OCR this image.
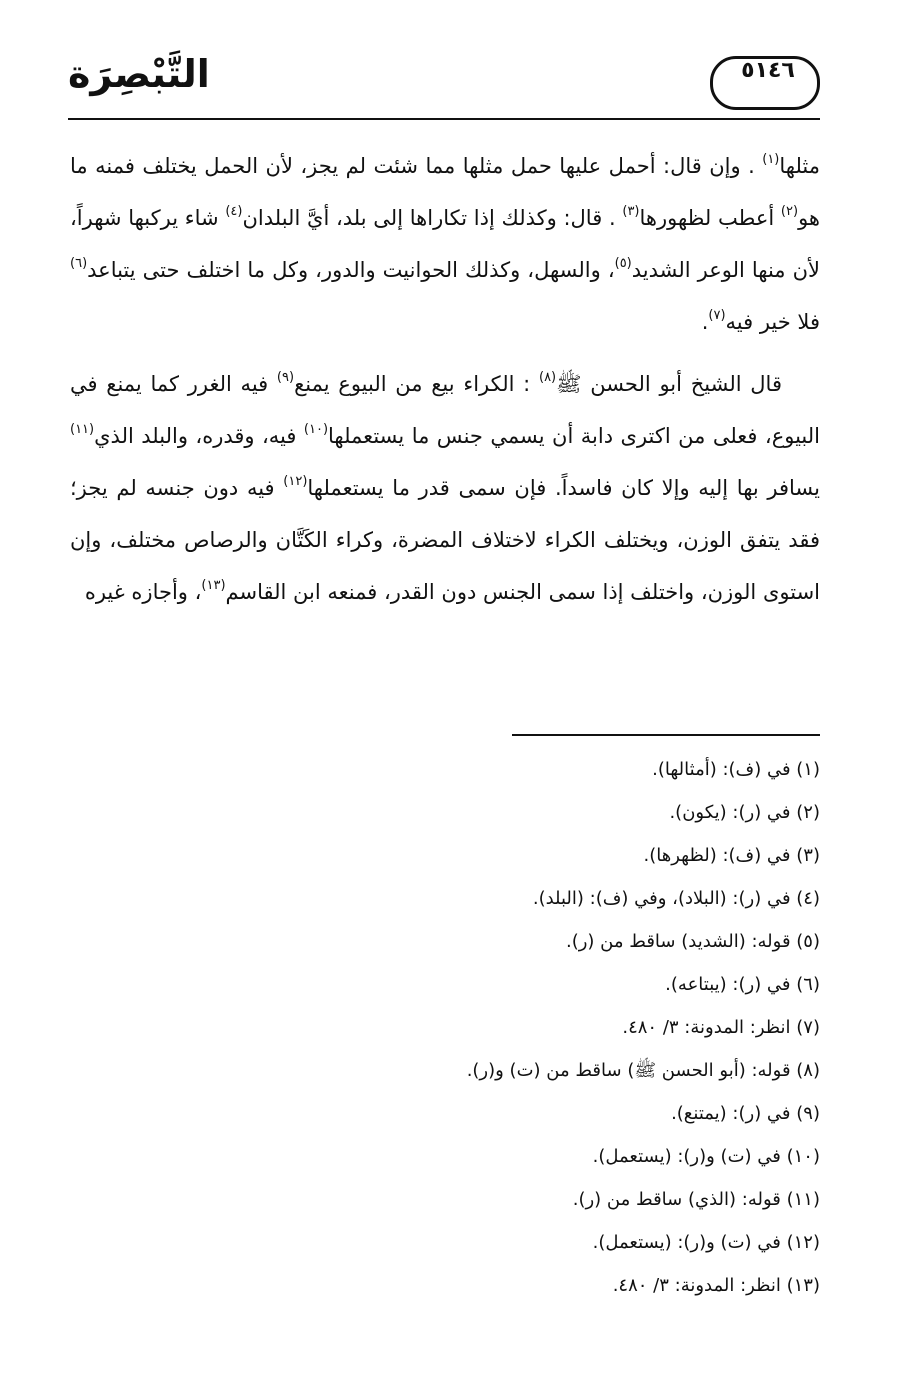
٥١٤٦
التَّبْصِرَة

مثلها$^{(١)}$ . وإن قال: أحمل عليها حمل مثلها مما شئت لم يجز، لأن الحمل يختلف فمنه ما هو$^{(٢)}$ أعطب لظهورها$^{(٣)}$ . قال: وكذلك إذا تكاراها إلى بلد، أيَّ البلدان$^{(٤)}$ شاء يركبها شهراً، لأن منها الوعر الشديد$^{(٥)}$، والسهل، وكذلك الحوانيت والدور، وكل ما اختلف حتى يتباعد$^{(٦)}$ فلا خير فيه$^{(٧)}$.

قال الشيخ أبو الحسن ﷺ$^{(٨)}$ : الكراء بيع من البيوع يمنع$^{(٩)}$ فيه الغرر كما يمنع في البيوع، فعلى من اكترى دابة أن يسمي جنس ما يستعملها$^{(١٠)}$ فيه، وقدره، والبلد الذي$^{(١١)}$ يسافر بها إليه وإلا كان فاسداً. فإن سمى قدر ما يستعملها$^{(١٢)}$ فيه دون جنسه لم يجز؛ فقد يتفق الوزن، ويختلف الكراء لاختلاف المضرة، وكراء الكَتَّان والرصاص مختلف، وإن استوى الوزن، واختلف إذا سمى الجنس دون القدر، فمنعه ابن القاسم$^{(١٣)}$، وأجازه غيره

(١) في (ف): (أمثالها).
(٢) في (ر): (يكون).
(٣) في (ف): (لظهرها).
(٤) في (ر): (البلاد)، وفي (ف): (البلد).
(٥) قوله: (الشديد) ساقط من (ر).
(٦) في (ر): (يبتاعه).
(٧) انظر: المدونة: ٣/ ٤٨٠.
(٨) قوله: (أبو الحسن ﷺ) ساقط من (ت) و(ر).
(٩) في (ر): (يمتنع).
(١٠) في (ت) و(ر): (يستعمل).
(١١) قوله: (الذي) ساقط من (ر).
(١٢) في (ت) و(ر): (يستعمل).
(١٣) انظر: المدونة: ٣/ ٤٨٠.
